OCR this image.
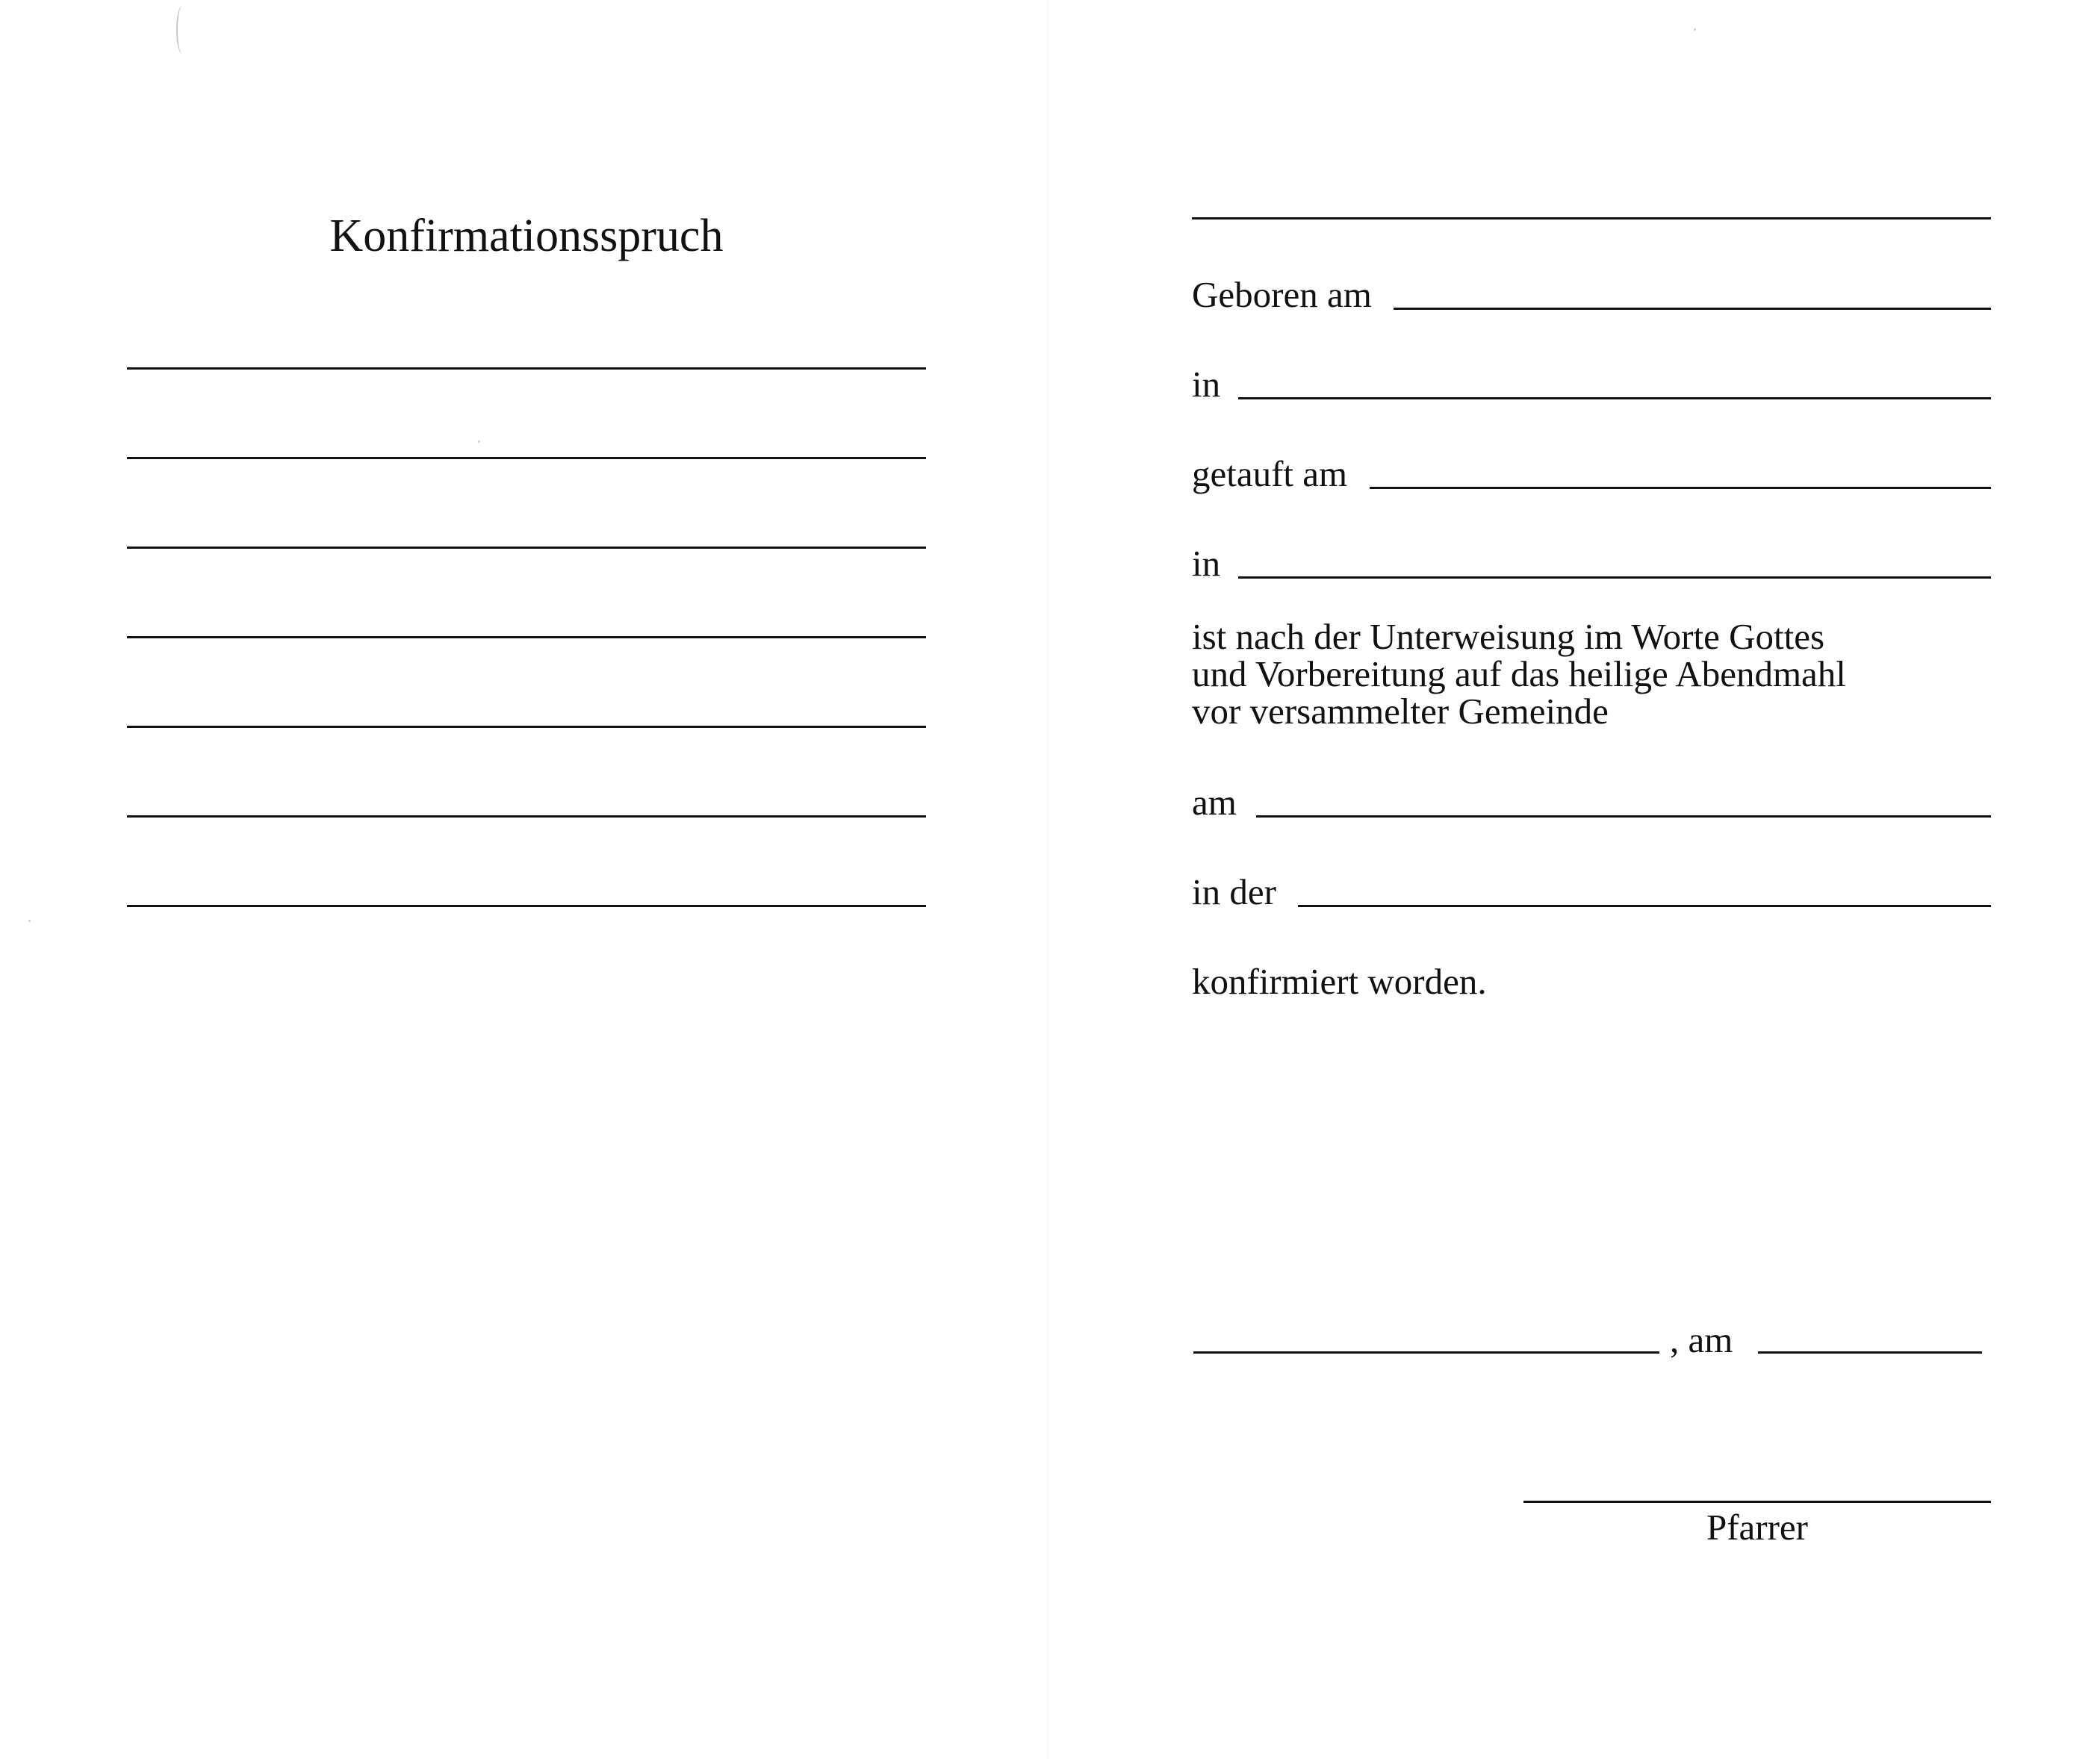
Konfirmationsspruch
Geboren am
in
getauft am
in
ist nach der Unterweisung im Worte Gottes
und Vorbereitung auf das heilige Abendmahl
vor versammelter Gemeinde
am
in der
konfirmiert worden.
, am
Pfarrer
